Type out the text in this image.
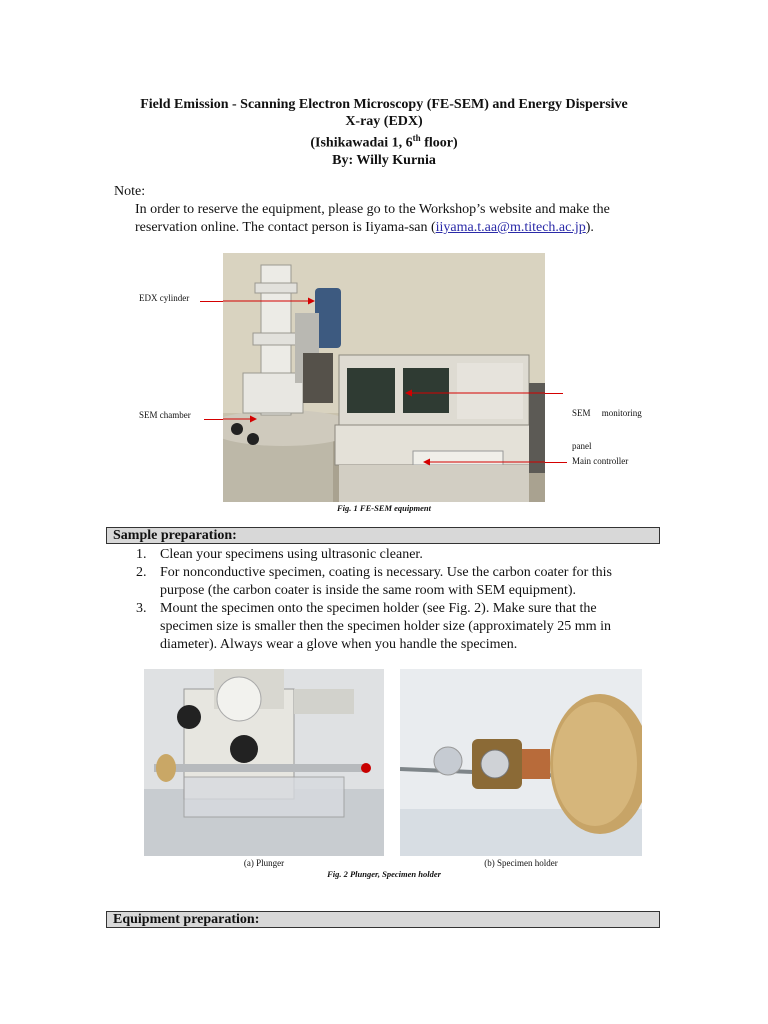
Field Emission - Scanning Electron Microscopy (FE-SEM) and Energy Dispersive
X-ray (EDX)
(Ishikawadai 1, 6th floor)
By: Willy Kurnia
Note:
In order to reserve the equipment, please go to the Workshop’s website and make the
reservation online. The contact person is Iiyama-san (iiyama.t.aa@m.titech.ac.jp).
EDX cylinder
SEM chamber

	SEM     monitoring

panel

Main controller
Fig. 1 FE-SEM equipment
Sample preparation:
1. Clean your specimens using ultrasonic cleaner.
2. For nonconductive specimen, coating is necessary. Use the carbon coater for this
purpose (the carbon coater is inside the same room with SEM equipment).
3. Mount the specimen onto the specimen holder (see Fig. 2). Make sure that the
specimen size is smaller then the specimen holder size (approximately 25 mm in
diameter). Always wear a glove when you handle the specimen.
(a) Plunger	(b) Specimen holder
Fig. 2 Plunger, Specimen holder
Equipment preparation:
